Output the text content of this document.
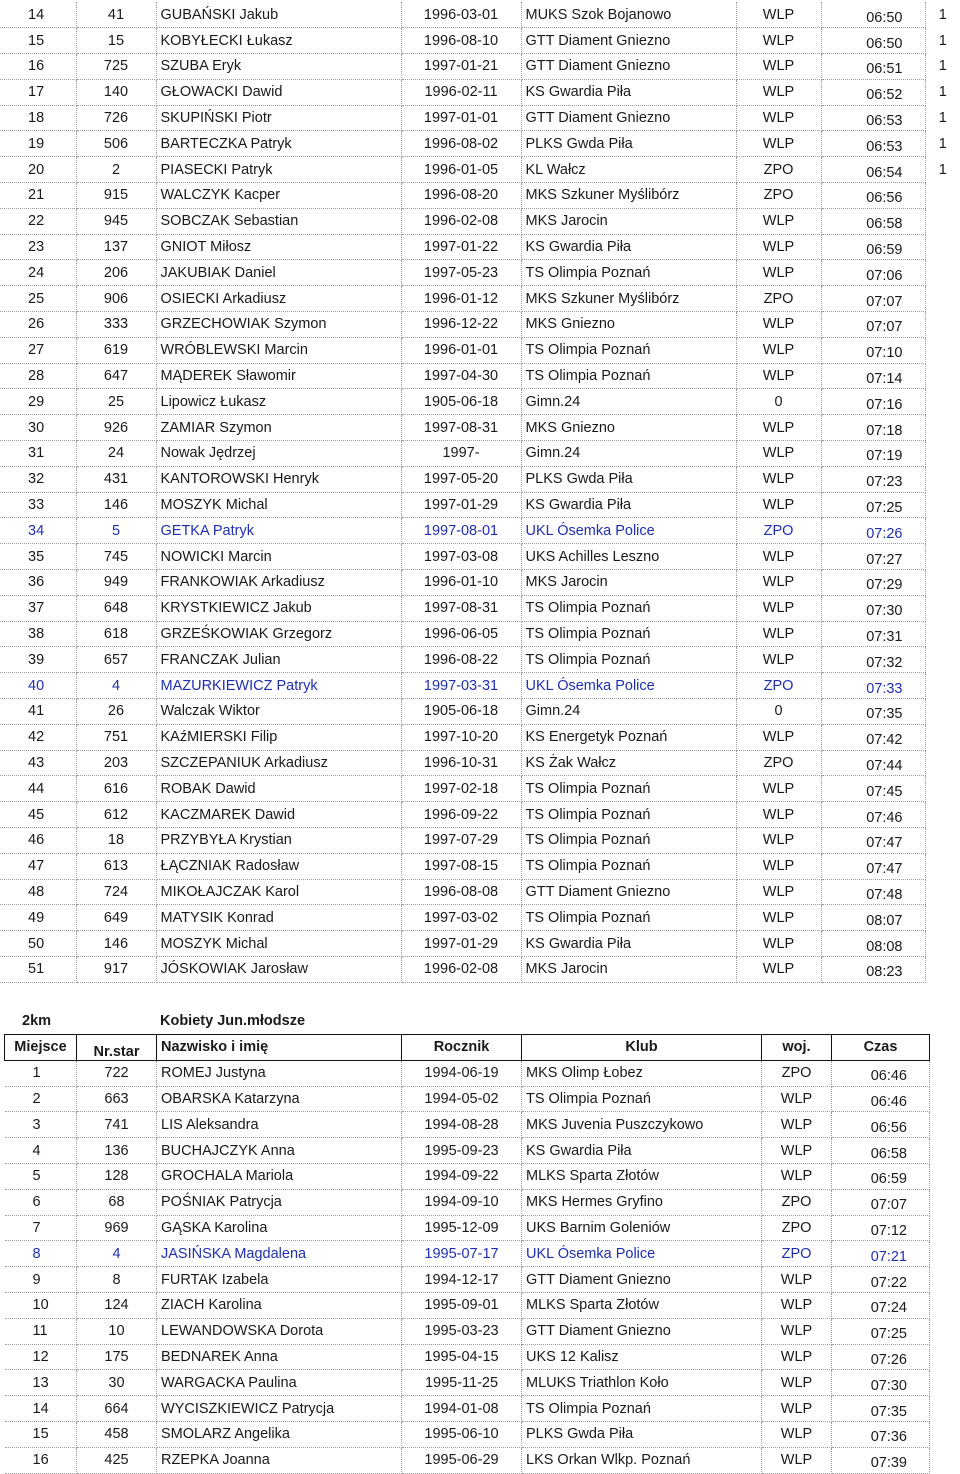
14	41	GUBAŃSKI Jakub	1996-03-01	MUKS Szok Bojanowo	WLP	06:50	1
15	15	KOBYŁECKI Łukasz	1996-08-10	GTT Diament Gniezno	WLP	06:50	1
16	725	SZUBA Eryk	1997-01-21	GTT Diament Gniezno	WLP	06:51	1
17	140	GŁOWACKI Dawid	1996-02-11	KS Gwardia Piła	WLP	06:52	1
18	726	SKUPIŃSKI Piotr	1997-01-01	GTT Diament Gniezno	WLP	06:53	1
19	506	BARTECZKA Patryk	1996-08-02	PLKS Gwda Piła	WLP	06:53	1
20	2	PIASECKI Patryk	1996-01-05	KL Wałcz	ZPO	06:54	1
21	915	WALCZYK Kacper	1996-08-20	MKS Szkuner Myślibórz	ZPO	06:56	
22	945	SOBCZAK Sebastian	1996-02-08	MKS Jarocin	WLP	06:58	
23	137	GNIOT Miłosz	1997-01-22	KS Gwardia Piła	WLP	06:59	
24	206	JAKUBIAK Daniel	1997-05-23	TS Olimpia Poznań	WLP	07:06	
25	906	OSIECKI Arkadiusz	1996-01-12	MKS Szkuner Myślibórz	ZPO	07:07	
26	333	GRZECHOWIAK Szymon	1996-12-22	MKS Gniezno	WLP	07:07	
27	619	WRÓBLEWSKI Marcin	1996-01-01	TS Olimpia Poznań	WLP	07:10	
28	647	MĄDEREK Sławomir	1997-04-30	TS Olimpia Poznań	WLP	07:14	
29	25	Lipowicz Łukasz	1905-06-18	Gimn.24	0	07:16	
30	926	ZAMIAR Szymon	1997-08-31	MKS Gniezno	WLP	07:18	
31	24	Nowak Jędrzej	1997-	Gimn.24	WLP	07:19	
32	431	KANTOROWSKI Henryk	1997-05-20	PLKS Gwda Piła	WLP	07:23	
33	146	MOSZYK Michal	1997-01-29	KS Gwardia Piła	WLP	07:25	
34	5	GETKA Patryk	1997-08-01	UKL Ósemka Police	ZPO	07:26	
35	745	NOWICKI Marcin	1997-03-08	UKS Achilles Leszno	WLP	07:27	
36	949	FRANKOWIAK Arkadiusz	1996-01-10	MKS Jarocin	WLP	07:29	
37	648	KRYSTKIEWICZ Jakub	1997-08-31	TS Olimpia Poznań	WLP	07:30	
38	618	GRZEŚKOWIAK Grzegorz	1996-06-05	TS Olimpia Poznań	WLP	07:31	
39	657	FRANCZAK Julian	1996-08-22	TS Olimpia Poznań	WLP	07:32	
40	4	MAZURKIEWICZ Patryk	1997-03-31	UKL Ósemka Police	ZPO	07:33	
41	26	Walczak Wiktor	1905-06-18	Gimn.24	0	07:35	
42	751	KAźMIERSKI Filip	1997-10-20	KS Energetyk Poznań	WLP	07:42	
43	203	SZCZEPANIUK Arkadiusz	1996-10-31	KS Żak Wałcz	ZPO	07:44	
44	616	ROBAK Dawid	1997-02-18	TS Olimpia Poznań	WLP	07:45	
45	612	KACZMAREK Dawid	1996-09-22	TS Olimpia Poznań	WLP	07:46	
46	18	PRZYBYŁA Krystian	1997-07-29	TS Olimpia Poznań	WLP	07:47	
47	613	ŁĄCZNIAK Radosław	1997-08-15	TS Olimpia Poznań	WLP	07:47	
48	724	MIKOŁAJCZAK Karol	1996-08-08	GTT Diament Gniezno	WLP	07:48	
49	649	MATYSIK Konrad	1997-03-02	TS Olimpia Poznań	WLP	08:07	
50	146	MOSZYK Michal	1997-01-29	KS Gwardia Piła	WLP	08:08	
51	917	JÓSKOWIAK Jarosław	1996-02-08	MKS Jarocin	WLP	08:23	
2km	Kobiety Jun.młodsze
Miejsce	Nr.star	Nazwisko i imię	Rocznik	Klub	woj.	Czas
1	722	ROMEJ Justyna	1994-06-19	MKS Olimp Łobez	ZPO	06:46
2	663	OBARSKA Katarzyna	1994-05-02	TS Olimpia Poznań	WLP	06:46
3	741	LIS Aleksandra	1994-08-28	MKS Juvenia Puszczykowo	WLP	06:56
4	136	BUCHAJCZYK Anna	1995-09-23	KS Gwardia Piła	WLP	06:58
5	128	GROCHALA Mariola	1994-09-22	MLKS Sparta Złotów	WLP	06:59
6	68	POŚNIAK Patrycja	1994-09-10	MKS Hermes Gryfino	ZPO	07:07
7	969	GĄSKA Karolina	1995-12-09	UKS Barnim Goleniów	ZPO	07:12
8	4	JASIŃSKA Magdalena	1995-07-17	UKL Ósemka Police	ZPO	07:21
9	8	FURTAK Izabela	1994-12-17	GTT Diament Gniezno	WLP	07:22
10	124	ZIACH Karolina	1995-09-01	MLKS Sparta Złotów	WLP	07:24
11	10	LEWANDOWSKA Dorota	1995-03-23	GTT Diament Gniezno	WLP	07:25
12	175	BEDNAREK Anna	1995-04-15	UKS 12 Kalisz	WLP	07:26
13	30	WARGACKA Paulina	1995-11-25	MLUKS Triathlon Koło	WLP	07:30
14	664	WYCISZKIEWICZ Patrycja	1994-01-08	TS Olimpia Poznań	WLP	07:35
15	458	SMOLARZ Angelika	1995-06-10	PLKS Gwda Piła	WLP	07:36
16	425	RZEPKA Joanna	1995-06-29	LKS Orkan Wlkp. Poznań	WLP	07:39
